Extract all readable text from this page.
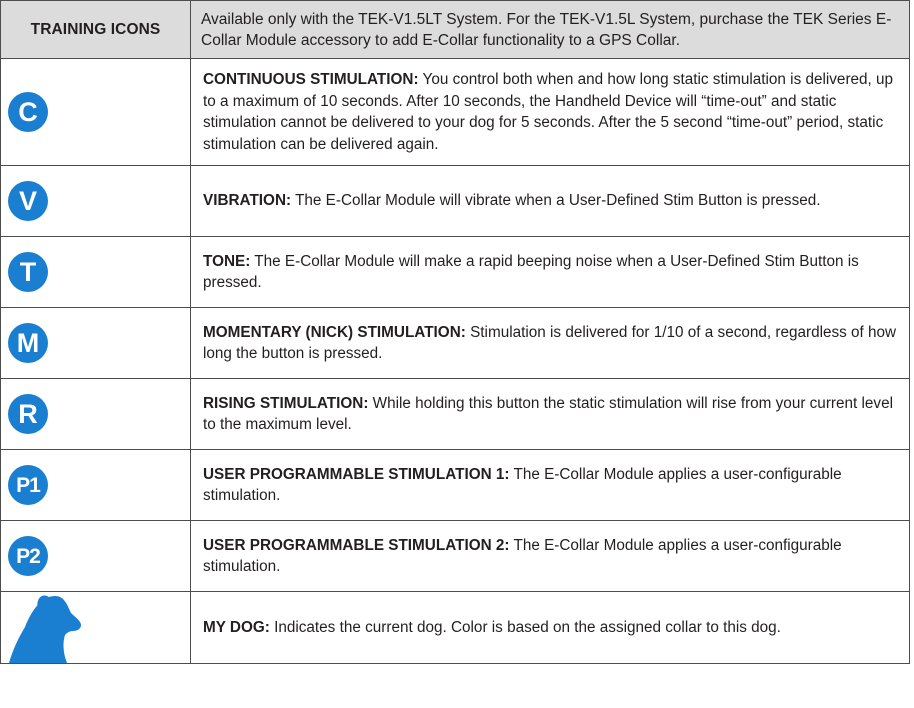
TRAINING ICONS	Available only with the TEK-V1.5LT System. For the TEK-V1.5L System, purchase the TEK Series E-Collar Module accessory to add E-Collar functionality to a GPS Collar.

C	CONTINUOUS STIMULATION: You control both when and how long static stimulation is delivered, up to a maximum of 10 seconds. After 10 seconds, the Handheld Device will “time-out” and static stimulation cannot be delivered to your dog for 5 seconds. After the 5 second “time-out” period, static stimulation can be delivered again.

V	VIBRATION: The E-Collar Module will vibrate when a User-Defined Stim Button is pressed.

T	TONE: The E-Collar Module will make a rapid beeping noise when a User-Defined Stim Button is pressed.

M	MOMENTARY (NICK) STIMULATION: Stimulation is delivered for 1/10 of a second, regardless of how long the button is pressed.

R	RISING STIMULATION: While holding this button the static stimulation will rise from your current level to the maximum level.

P1	USER PROGRAMMABLE STIMULATION 1: The E-Collar Module applies a user-configurable stimulation.

P2	USER PROGRAMMABLE STIMULATION 2: The E-Collar Module applies a user-configurable stimulation.

	MY DOG: Indicates the current dog. Color is based on the assigned collar to this dog.
